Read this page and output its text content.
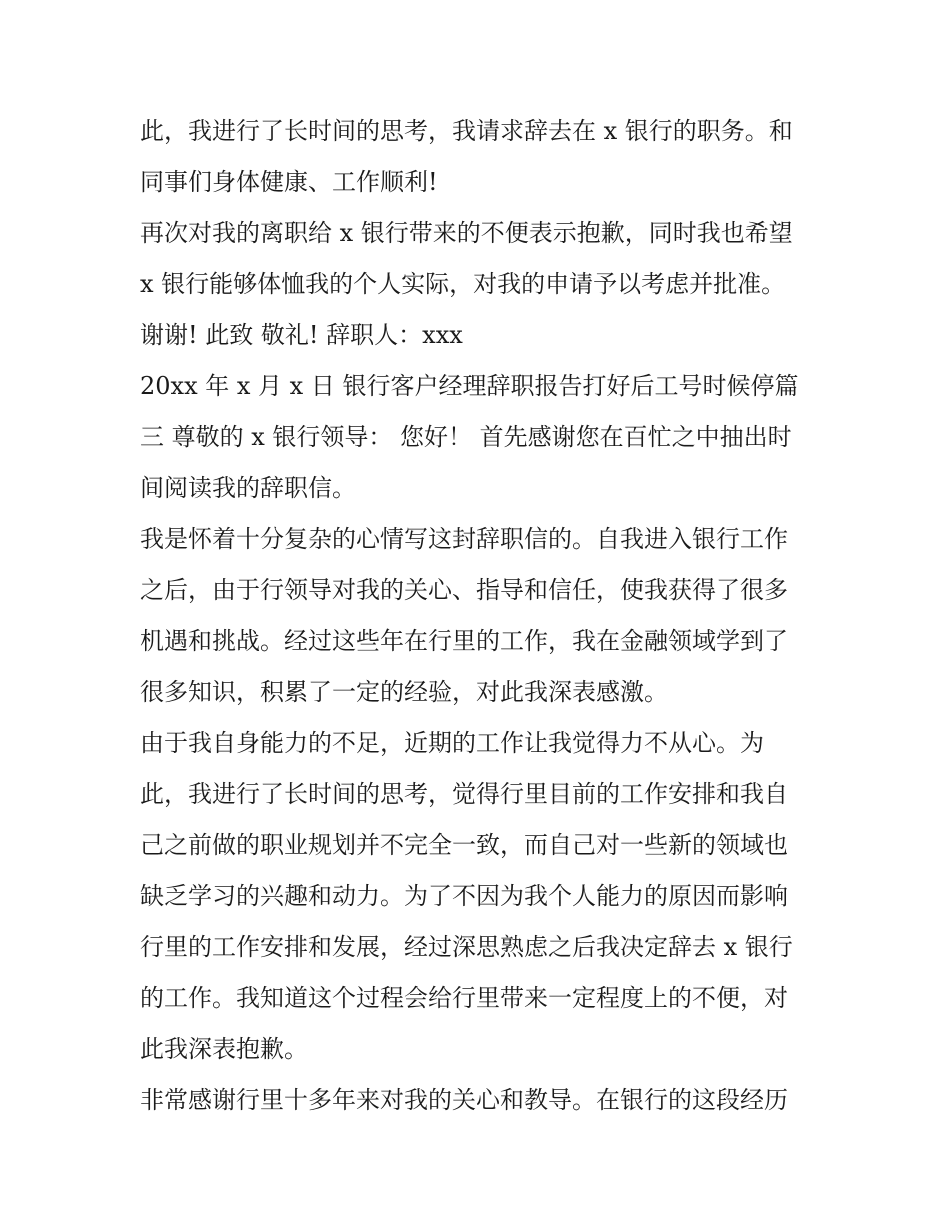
此，我进行了长时间的思考，我请求辞去在 x 银行的职务。和
同事们身体健康、工作顺利!
再次对我的离职给 x 银行带来的不便表示抱歉，同时我也希望
x 银行能够体恤我的个人实际，对我的申请予以考虑并批准。
谢谢! 此致 敬礼! 辞职人：xxx
20xx 年 x 月 x 日 银行客户经理辞职报告打好后工号时候停篇
三 尊敬的 x 银行领导： 您好！ 首先感谢您在百忙之中抽出时
间阅读我的辞职信。
我是怀着十分复杂的心情写这封辞职信的。自我进入银行工作
之后，由于行领导对我的关心、指导和信任，使我获得了很多
机遇和挑战。经过这些年在行里的工作，我在金融领域学到了
很多知识，积累了一定的经验，对此我深表感激。
由于我自身能力的不足，近期的工作让我觉得力不从心。为
此，我进行了长时间的思考，觉得行里目前的工作安排和我自
己之前做的职业规划并不完全一致，而自己对一些新的领域也
缺乏学习的兴趣和动力。为了不因为我个人能力的原因而影响
行里的工作安排和发展，经过深思熟虑之后我决定辞去 x 银行
的工作。我知道这个过程会给行里带来一定程度上的不便，对
此我深表抱歉。
非常感谢行里十多年来对我的关心和教导。在银行的这段经历
